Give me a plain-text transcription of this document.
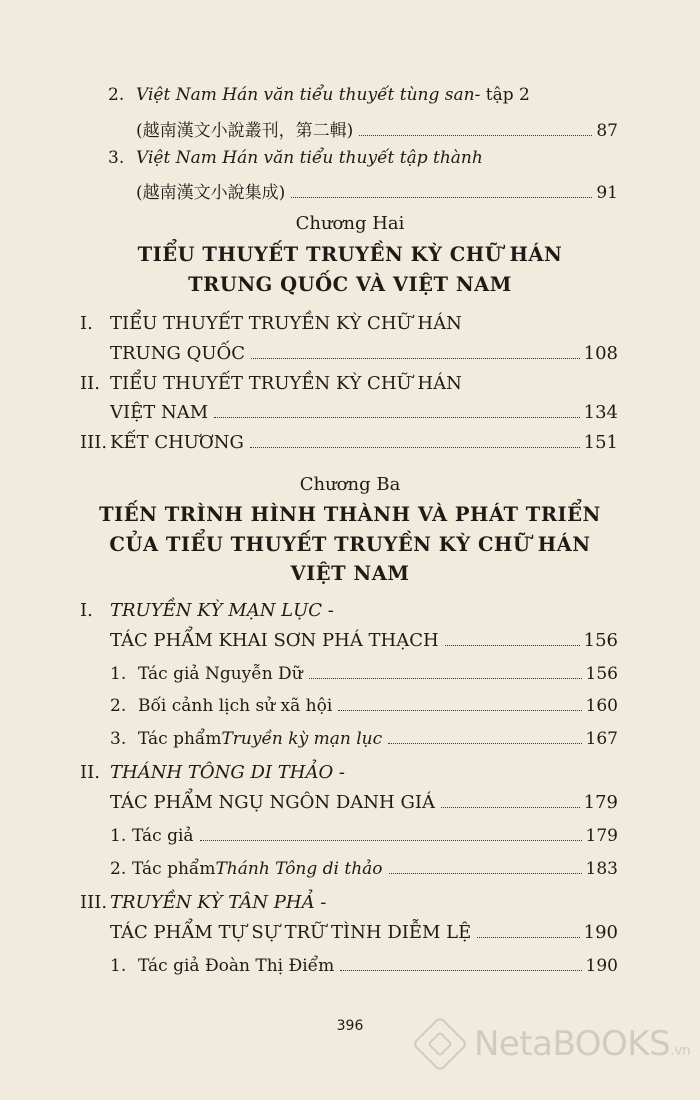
2. Việt Nam Hán văn tiểu thuyết tùng san - tập 2
(越南漢文小說叢刊，第二輯)	87
3. Việt Nam Hán văn tiểu thuyết tập thành
(越南漢文小說集成)	91
Chương Hai
TIỂU THUYẾT TRUYỀN KỲ CHỮ HÁN
TRUNG QUỐC VÀ VIỆT NAM
I. TIỂU THUYẾT TRUYỀN KỲ CHỮ HÁN
TRUNG QUỐC	108
II. TIỂU THUYẾT TRUYỀN KỲ CHỮ HÁN
VIỆT NAM	134
III. KẾT CHƯƠNG	151
Chương Ba
TIẾN TRÌNH HÌNH THÀNH VÀ PHÁT TRIỂN
CỦA TIỂU THUYẾT TRUYỀN KỲ CHỮ HÁN
VIỆT NAM
I. TRUYỀN KỲ MẠN LỤC -
TÁC PHẨM KHAI SƠN PHÁ THẠCH	156
1. Tác giả Nguyễn Dữ	156
2. Bối cảnh lịch sử xã hội	160
3. Tác phẩm Truyền kỳ mạn lục	167
II. THÁNH TÔNG DI THẢO -
TÁC PHẨM NGỤ NGÔN DANH GIÁ	179
1. Tác giả	179
2. Tác phẩm Thánh Tông di thảo	183
III. TRUYỀN KỲ TÂN PHẢ -
TÁC PHẨM TỰ SỰ TRỮ TÌNH DIỄM LỆ	190
1. Tác giả Đoàn Thị Điểm	190
396	NetaBOOKS.vn
